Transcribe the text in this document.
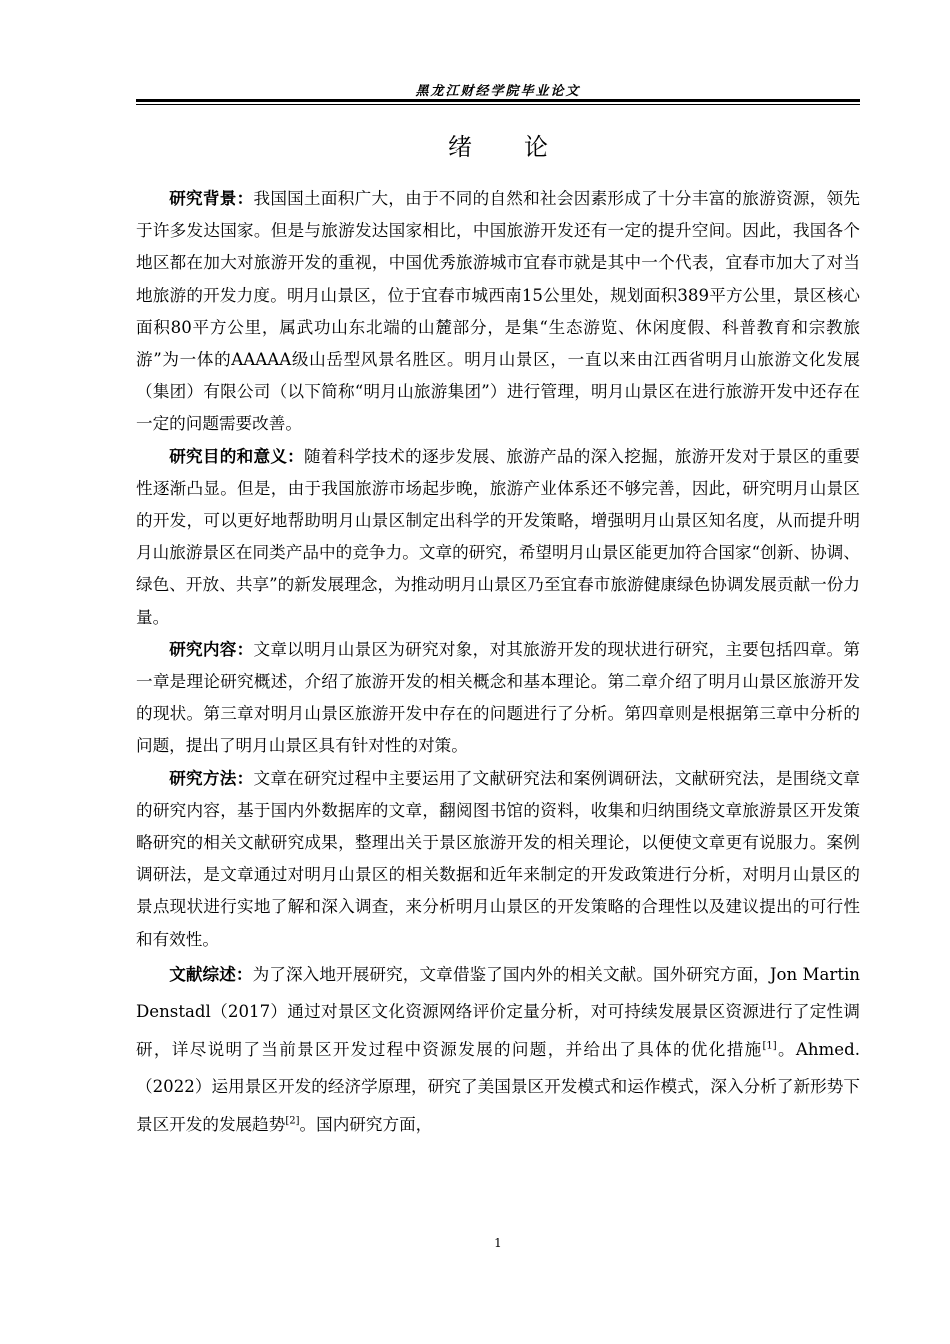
黑龙江财经学院毕业论文
绪 论

研究背景：我国国土面积广大，由于不同的自然和社会因素形成了十分丰富的旅游资源，领先于许多发达国家。但是与旅游发达国家相比，中国旅游开发还有一定的提升空间。因此，我国各个地区都在加大对旅游开发的重视，中国优秀旅游城市宜春市就是其中一个代表，宜春市加大了对当地旅游的开发力度。明月山景区，位于宜春市城西南15公里处，规划面积389平方公里，景区核心面积80平方公里，属武功山东北端的山麓部分，是集“生态游览、休闲度假、科普教育和宗教旅游”为一体的AAAAA级山岳型风景名胜区。明月山景区，一直以来由江西省明月山旅游文化发展（集团）有限公司（以下简称“明月山旅游集团”）进行管理，明月山景区在进行旅游开发中还存在一定的问题需要改善。

研究目的和意义：随着科学技术的逐步发展、旅游产品的深入挖掘，旅游开发对于景区的重要性逐渐凸显。但是，由于我国旅游市场起步晚，旅游产业体系还不够完善，因此，研究明月山景区的开发，可以更好地帮助明月山景区制定出科学的开发策略，增强明月山景区知名度，从而提升明月山旅游景区在同类产品中的竞争力。文章的研究，希望明月山景区能更加符合国家“创新、协调、绿色、开放、共享”的新发展理念，为推动明月山景区乃至宜春市旅游健康绿色协调发展贡献一份力量。

研究内容：文章以明月山景区为研究对象，对其旅游开发的现状进行研究，主要包括四章。第一章是理论研究概述，介绍了旅游开发的相关概念和基本理论。第二章介绍了明月山景区旅游开发的现状。第三章对明月山景区旅游开发中存在的问题进行了分析。第四章则是根据第三章中分析的问题，提出了明月山景区具有针对性的对策。

研究方法：文章在研究过程中主要运用了文献研究法和案例调研法，文献研究法，是围绕文章的研究内容，基于国内外数据库的文章，翻阅图书馆的资料，收集和归纳围绕文章旅游景区开发策略研究的相关文献研究成果，整理出关于景区旅游开发的相关理论，以便使文章更有说服力。案例调研法，是文章通过对明月山景区的相关数据和近年来制定的开发政策进行分析，对明月山景区的景点现状进行实地了解和深入调查，来分析明月山景区的开发策略的合理性以及建议提出的可行性和有效性。

文献综述：为了深入地开展研究，文章借鉴了国内外的相关文献。国外研究方面，Jon Martin Denstadl（2017）通过对景区文化资源网络评价定量分析，对可持续发展景区资源进行了定性调研，详尽说明了当前景区开发过程中资源发展的问题，并给出了具体的优化措施[1]。Ahmed.（2022）运用景区开发的经济学原理，研究了美国景区开发模式和运作模式，深入分析了新形势下景区开发的发展趋势[2]。国内研究方面，

1
